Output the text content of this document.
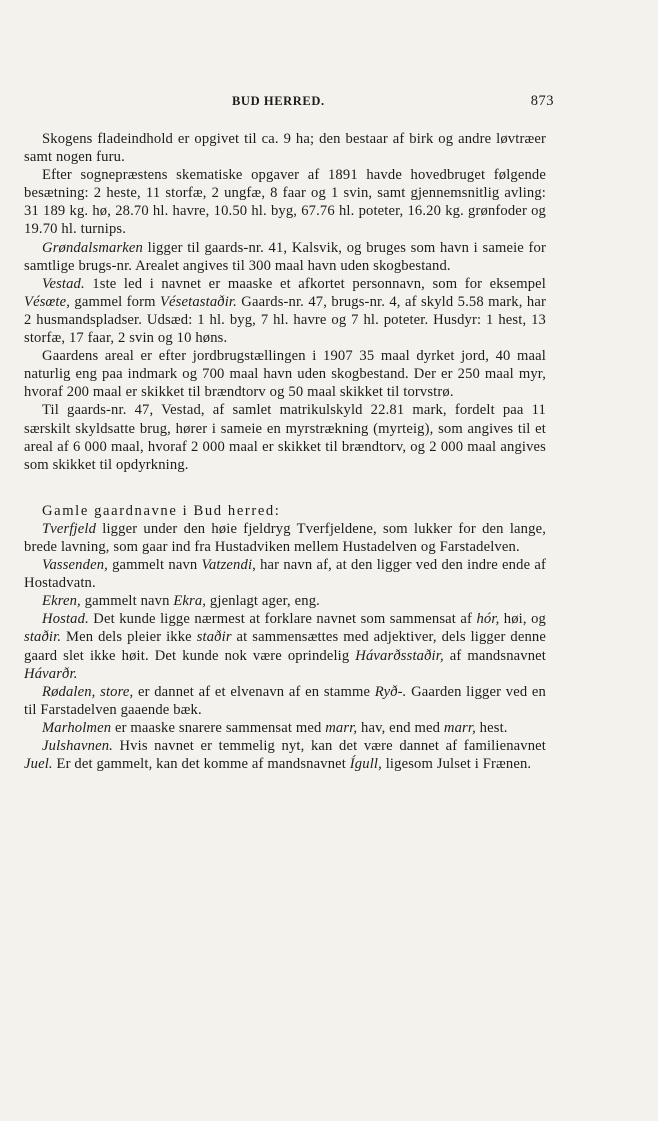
BUD HERRED.	873

Skogens fladeindhold er opgivet til ca. 9 ha; den bestaar af birk og andre løvtræer samt nogen furu.

Efter sognepræstens skematiske opgaver af 1891 havde hovedbruget følgende besætning: 2 heste, 11 storfæ, 2 ungfæ, 8 faar og 1 svin, samt gjennemsnitlig avling: 31 189 kg. hø, 28.70 hl. havre, 10.50 hl. byg, 67.76 hl. poteter, 16.20 kg. grønfoder og 19.70 hl. turnips.

Grøndalsmarken ligger til gaards-nr. 41, Kalsvik, og bruges som havn i sameie for samtlige brugs-nr. Arealet angives til 300 maal havn uden skogbestand.

Vestad. 1ste led i navnet er maaske et afkortet personnavn, som for eksempel Vésœte, gammel form Vésetastaðir. Gaards-nr. 47, brugs-nr. 4, af skyld 5.58 mark, har 2 husmandspladser. Udsæd: 1 hl. byg, 7 hl. havre og 7 hl. poteter. Husdyr: 1 hest, 13 storfæ, 17 faar, 2 svin og 10 høns.

Gaardens areal er efter jordbrugstællingen i 1907 35 maal dyrket jord, 40 maal naturlig eng paa indmark og 700 maal havn uden skogbestand. Der er 250 maal myr, hvoraf 200 maal er skikket til brændtorv og 50 maal skikket til torvstrø.

Til gaards-nr. 47, Vestad, af samlet matrikulskyld 22.81 mark, fordelt paa 11 særskilt skyldsatte brug, hører i sameie en myrstrækning (myrteig), som angives til et areal af 6 000 maal, hvoraf 2 000 maal er skikket til brændtorv, og 2 000 maal angives som skikket til opdyrkning.

Gamle gaardnavne i Bud herred:

Tverfjeld ligger under den høie fjeldryg Tverfjeldene, som lukker for den lange, brede lavning, som gaar ind fra Hustadviken mellem Hustadelven og Farstadelven.

Vassenden, gammelt navn Vatzendi, har navn af, at den ligger ved den indre ende af Hostadvatn.

Ekren, gammelt navn Ekra, gjenlagt ager, eng.

Hostad. Det kunde ligge nærmest at forklare navnet som sammensat af hór, høi, og staðir. Men dels pleier ikke staðir at sammensættes med adjektiver, dels ligger denne gaard slet ikke høit. Det kunde nok være oprindelig Hávarðsstaðir, af mandsnavnet Hávarðr.

Rødalen, store, er dannet af et elvenavn af en stamme Ryð-. Gaarden ligger ved en til Farstadelven gaaende bæk.

Marholmen er maaske snarere sammensat med marr, hav, end med marr, hest.

Julshavnen. Hvis navnet er temmelig nyt, kan det være dannet af familienavnet Juel. Er det gammelt, kan det komme af mandsnavnet Ígull, ligesom Julset i Frænen.
